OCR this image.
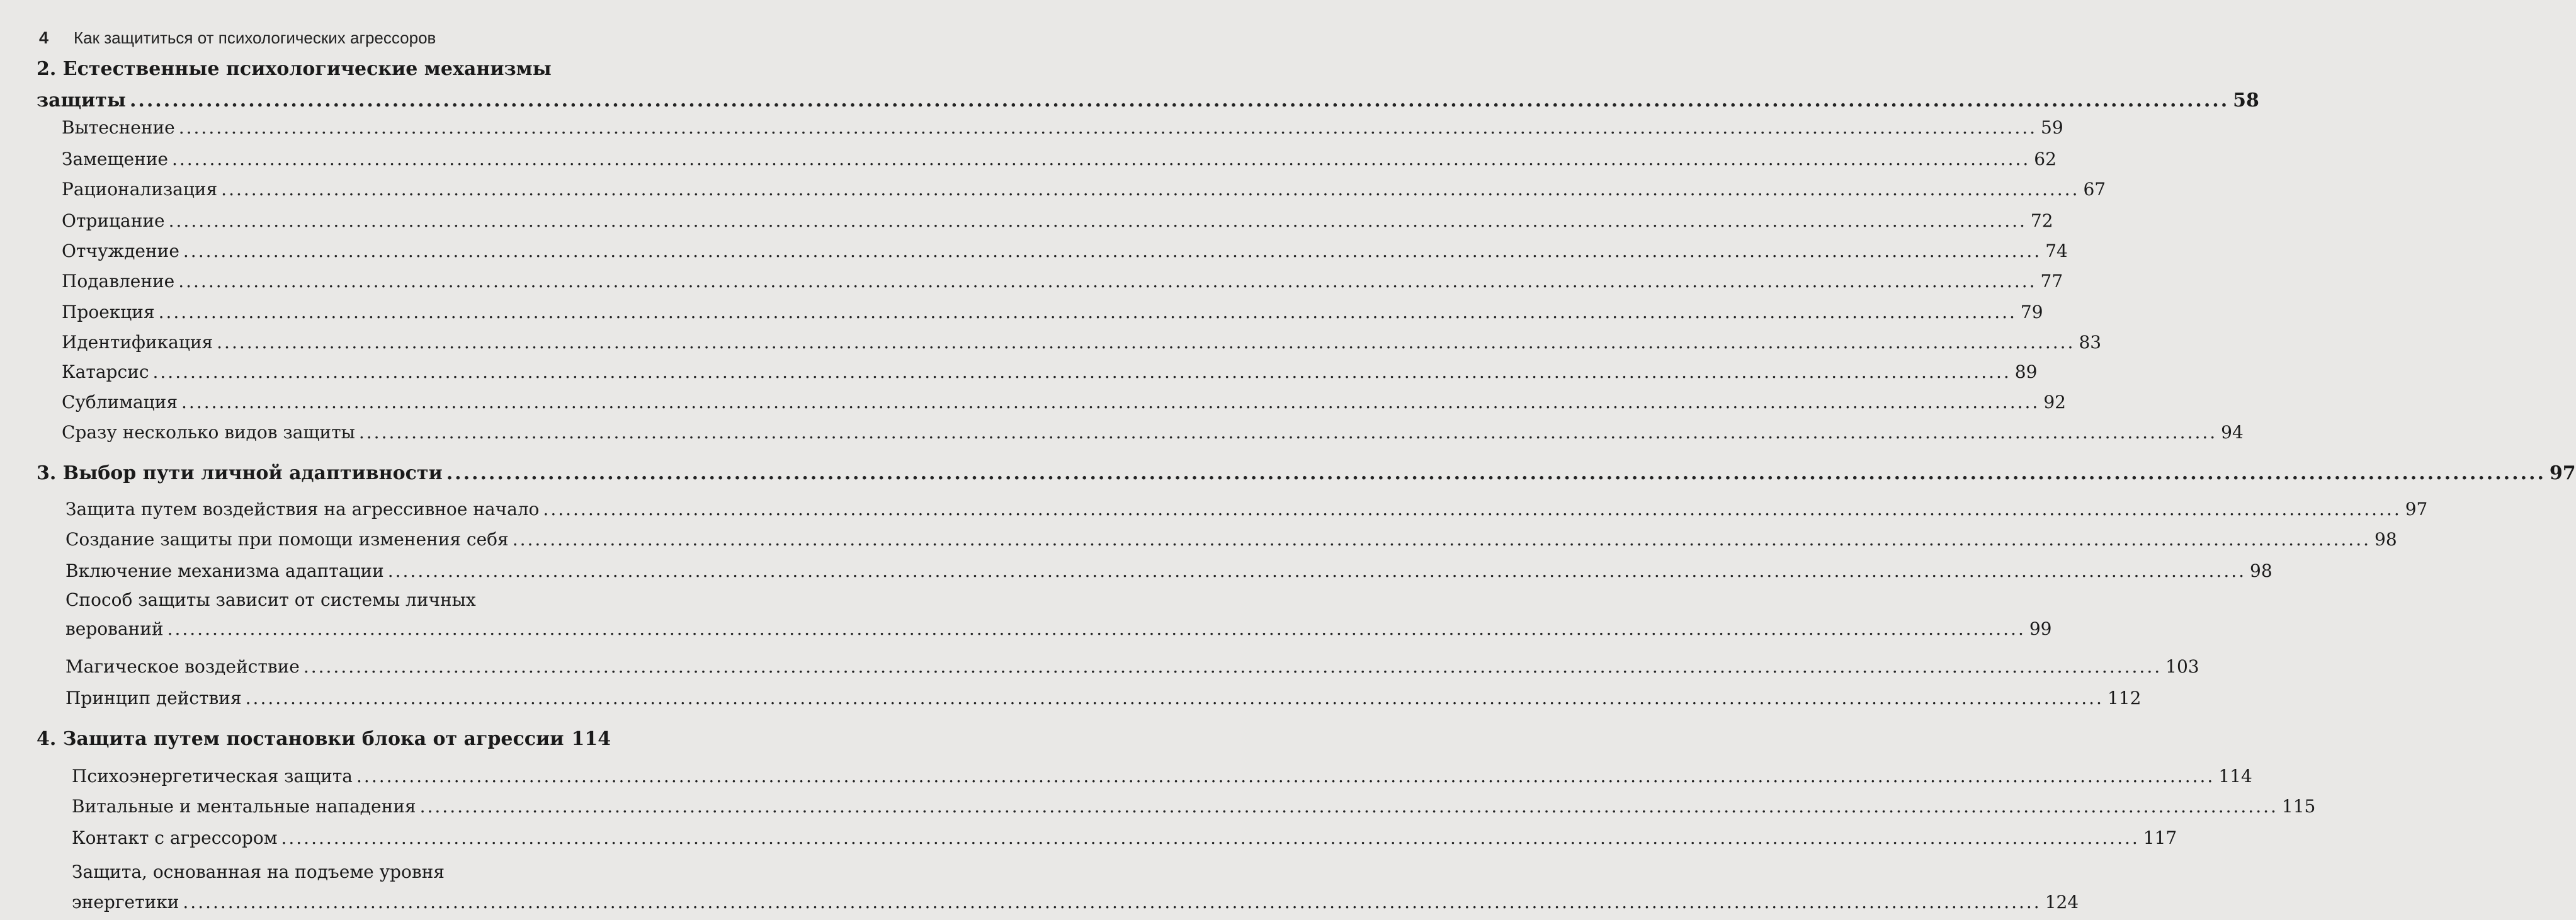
4 Как защититься от психологических агрессоров
2. Естественные психологические механизмы
защиты .....	58
Вытеснение .....	59
Замещение .....	62
Рационализация .....	67
Отрицание .....	72
Отчуждение .....	74
Подавление .....	77
Проекция .....	79
Идентификация .....	83
Катарсис .....	89
Сублимация .....	92
Сразу несколько видов защиты .....	94
3. Выбор пути личной адаптивности .....	97
Защита путем воздействия на агрессивное начало .....	97
Создание защиты при помощи изменения себя .....	98
Включение механизма адаптации .....	98
Способ защиты зависит от системы личных
верований .....	99
Магическое воздействие .....	103
Принцип действия .....	112
4. Защита путем постановки блока от агрессии 114
Психоэнергетическая защита .....	114
Витальные и ментальные нападения .....	115
Контакт с агрессором .....	117
Защита, основанная на подъеме уровня
энергетики .....	124
